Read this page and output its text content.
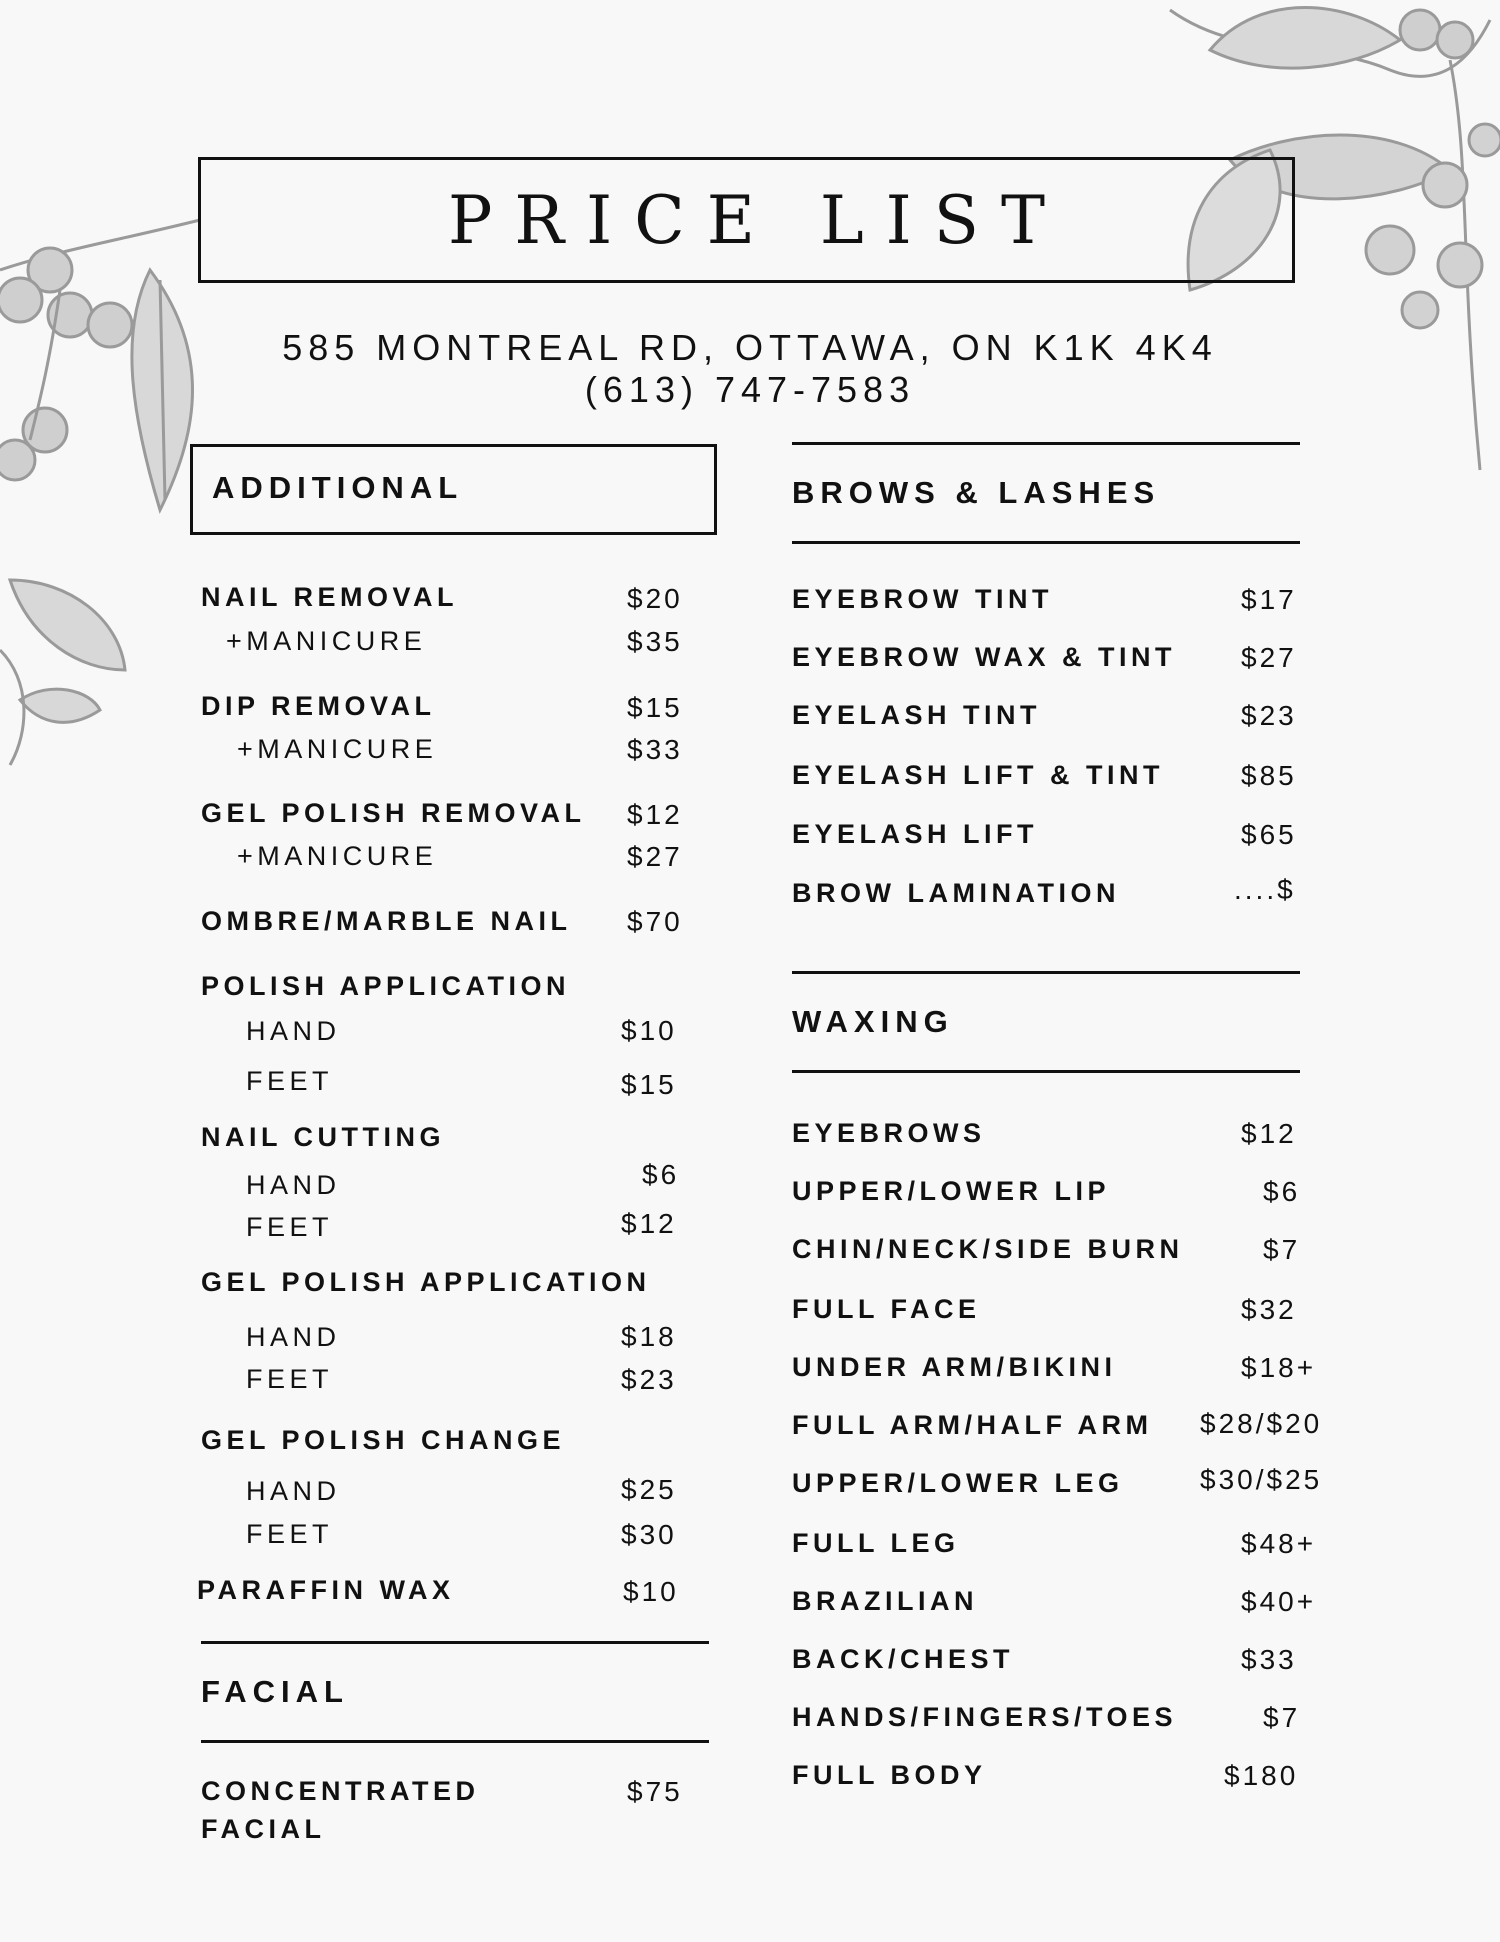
PRICE LIST
585 MONTREAL RD, OTTAWA, ON K1K 4K4
(613) 747-7583
ADDITIONAL
NAIL REMOVAL	$20
+MANICURE	$35
DIP REMOVAL	$15
+MANICURE	$33
GEL POLISH REMOVAL $12
+MANICURE	$27
OMBRE/MARBLE NAIL $70
POLISH APPLICATION
HAND	$10
FEET	$15
NAIL CUTTING
HAND	$6
FEET	$12
GEL POLISH APPLICATION
HAND	$18
FEET	$23
GEL POLISH CHANGE
HAND	$25
FEET	$30
PARAFFIN WAX	$10
FACIAL
CONCENTRATED
FACIAL
$75
BROWS & LASHES
EYEBROW TINT	$17
EYEBROW WAX & TINT $27
EYELASH TINT	$23
EYELASH LIFT & TINT	$85
EYELASH LIFT	$65
BROW LAMINATION	....$
WAXING
EYEBROWS	$12
UPPER/LOWER LIP	$6
CHIN/NECK/SIDE BURN	$7
FULL FACE	$32
UNDER ARM/BIKINI	$18+
FULL ARM/HALF ARM $28/$20
UPPER/LOWER LEG	$30/$25
FULL LEG	$48+
BRAZILIAN	$40+
BACK/CHEST	$33
HANDS/FINGERS/TOES	$7
FULL BODY	$180
